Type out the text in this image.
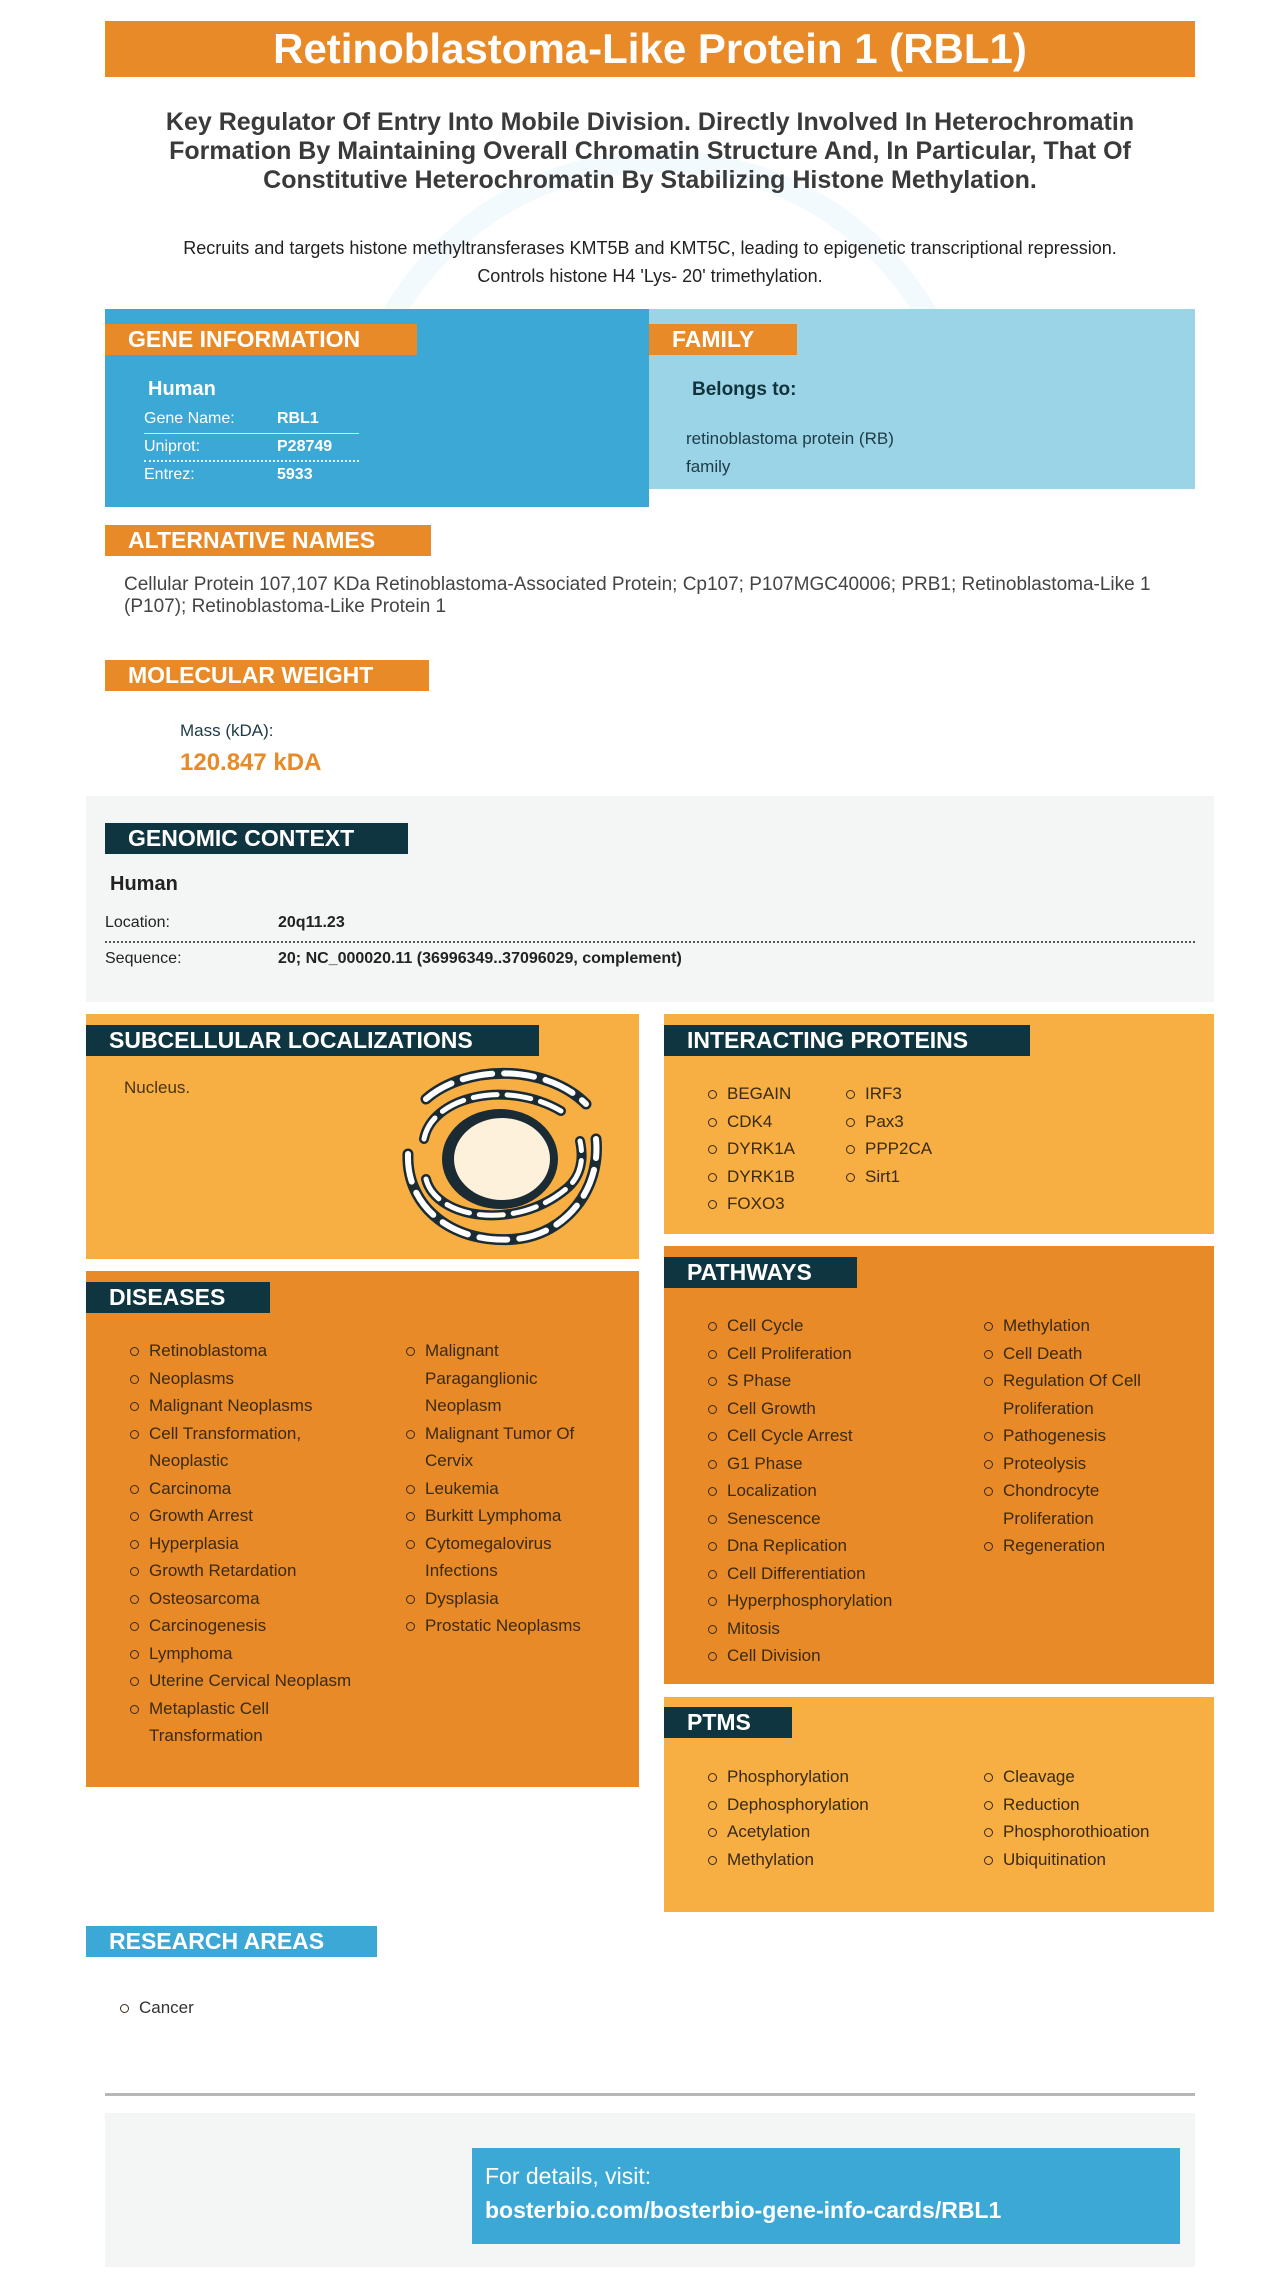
Retinoblastoma-Like Protein 1 (RBL1)
Key Regulator Of Entry Into Mobile Division. Directly Involved In Heterochromatin Formation By Maintaining Overall Chromatin Structure And, In Particular, That Of Constitutive Heterochromatin By Stabilizing Histone Methylation.
Recruits and targets histone methyltransferases KMT5B and KMT5C, leading to epigenetic transcriptional repression.
Controls histone H4 'Lys- 20' trimethylation.
GENE INFORMATION
Human
Gene Name:	RBL1
Uniprot:	P28749
Entrez:	5933
FAMILY
Belongs to:
retinoblastoma protein (RB)
family
ALTERNATIVE NAMES
Cellular Protein 107,107 KDa Retinoblastoma-Associated Protein; Cp107; P107MGC40006; PRB1; Retinoblastoma-Like 1 (P107); Retinoblastoma-Like Protein 1
MOLECULAR WEIGHT
Mass (kDA):
120.847 kDA
GENOMIC CONTEXT
Human
Location:	20q11.23
Sequence:	20; NC_000020.11 (36996349..37096029, complement)
SUBCELLULAR LOCALIZATIONS
Nucleus.
INTERACTING PROTEINS
BEGAIN
CDK4
DYRK1A
DYRK1B
FOXO3
IRF3
Pax3
PPP2CA
Sirt1
DISEASES
Retinoblastoma
Neoplasms
Malignant Neoplasms
Cell Transformation, Neoplastic
Carcinoma
Growth Arrest
Hyperplasia
Growth Retardation
Osteosarcoma
Carcinogenesis
Lymphoma
Uterine Cervical Neoplasm
Metaplastic Cell Transformation
Malignant Paraganglionic Neoplasm
Malignant Tumor Of Cervix
Leukemia
Burkitt Lymphoma
Cytomegalovirus Infections
Dysplasia
Prostatic Neoplasms
PATHWAYS
Cell Cycle
Cell Proliferation
S Phase
Cell Growth
Cell Cycle Arrest
G1 Phase
Localization
Senescence
Dna Replication
Cell Differentiation
Hyperphosphorylation
Mitosis
Cell Division
Methylation
Cell Death
Regulation Of Cell Proliferation
Pathogenesis
Proteolysis
Chondrocyte Proliferation
Regeneration
PTMS
Phosphorylation
Dephosphorylation
Acetylation
Methylation
Cleavage
Reduction
Phosphorothioation
Ubiquitination
RESEARCH AREAS
Cancer
For details, visit:
bosterbio.com/bosterbio-gene-info-cards/RBL1
